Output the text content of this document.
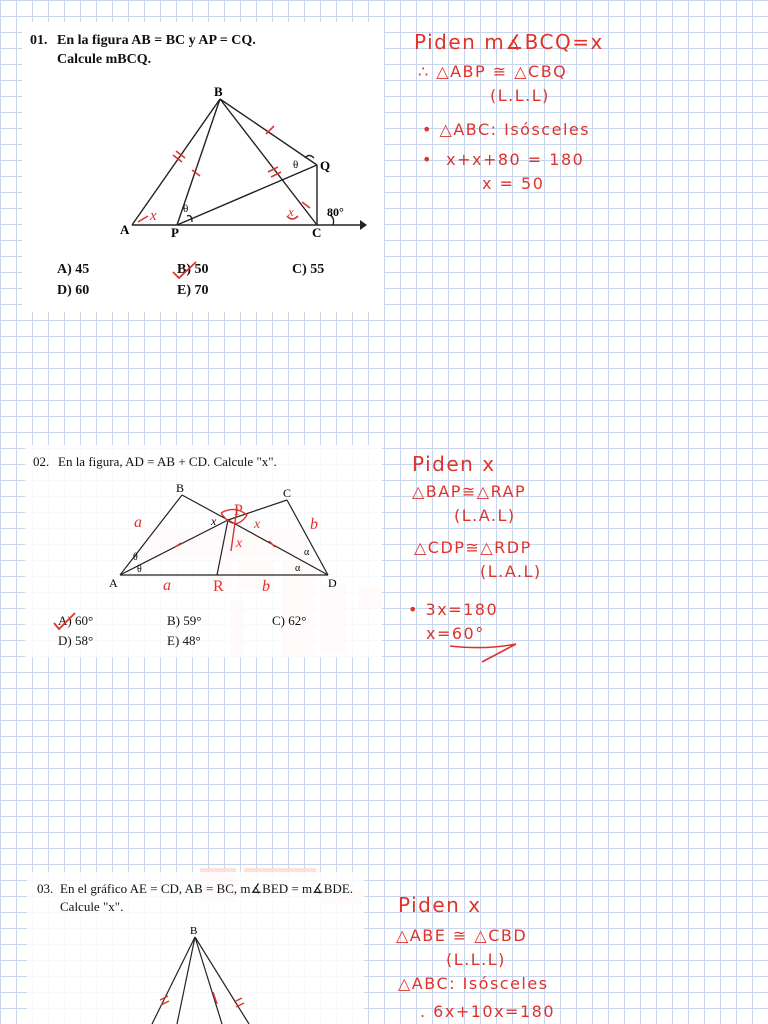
01. En la figura AB = BC y AP = CQ.
Calcule mBCQ.
B
Q
A	P	C
θ
θ
80°
x	x
A) 45	B) 50	C) 55
D) 60	E) 70
Piden m∡BCQ=x
∴ △ABP ≅ △CBQ
(L.L.L)
• △ABC: Isósceles
•  x+x+80 = 180
x = 50
02. En la figura, AD = AB + CD. Calcule "x".
B	C
A	D
x
θ
θ
α
α
P
x
x
a
a	R b
b
A) 60°	B) 59°	C) 62°
D) 58°	E) 48°
Piden x
△BAP≅△RAP
(L.A.L)
△CDP≅△RDP
(L.A.L)
• 3x=180
x=60°
03. En el gráfico AE = CD, AB = BC, m∡BED = m∡BDE.
Calcule "x".
B
Piden x
△ABE ≅ △CBD
(L.L.L)
△ABC: Isósceles
. 6x+10x=180
